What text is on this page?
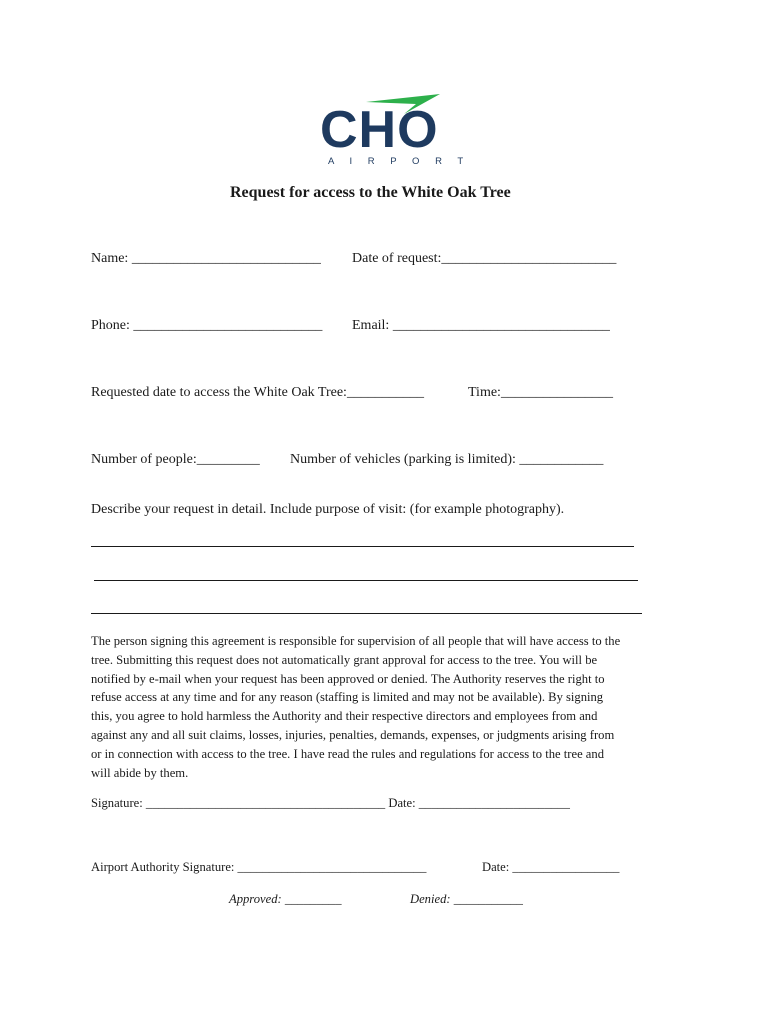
CHO
A I R P O R T
Request for access to the White Oak Tree
Name: ___________________________ Date of request:_________________________
Phone: ___________________________ Email: _______________________________
Requested date to access the White Oak Tree:___________	Time:________________
Number of people:_________ Number of vehicles (parking is limited): ____________
Describe your request in detail. Include purpose of visit: (for example photography).
The person signing this agreement is responsible for supervision of all people that will have access to the
tree. Submitting this request does not automatically grant approval for access to the tree. You will be
notified by e-mail when your request has been approved or denied. The Authority reserves the right to
refuse access at any time and for any reason (staffing is limited and may not be available). By signing
this, you agree to hold harmless the Authority and their respective directors and employees from and
against any and all suit claims, losses, injuries, penalties, demands, expenses, or judgments arising from
or in connection with access to the tree. I have read the rules and regulations for access to the tree and
will abide by them.
Signature: ______________________________________ Date: ________________________
Airport Authority Signature: ______________________________	Date: _________________
Approved: _________	Denied: ___________
